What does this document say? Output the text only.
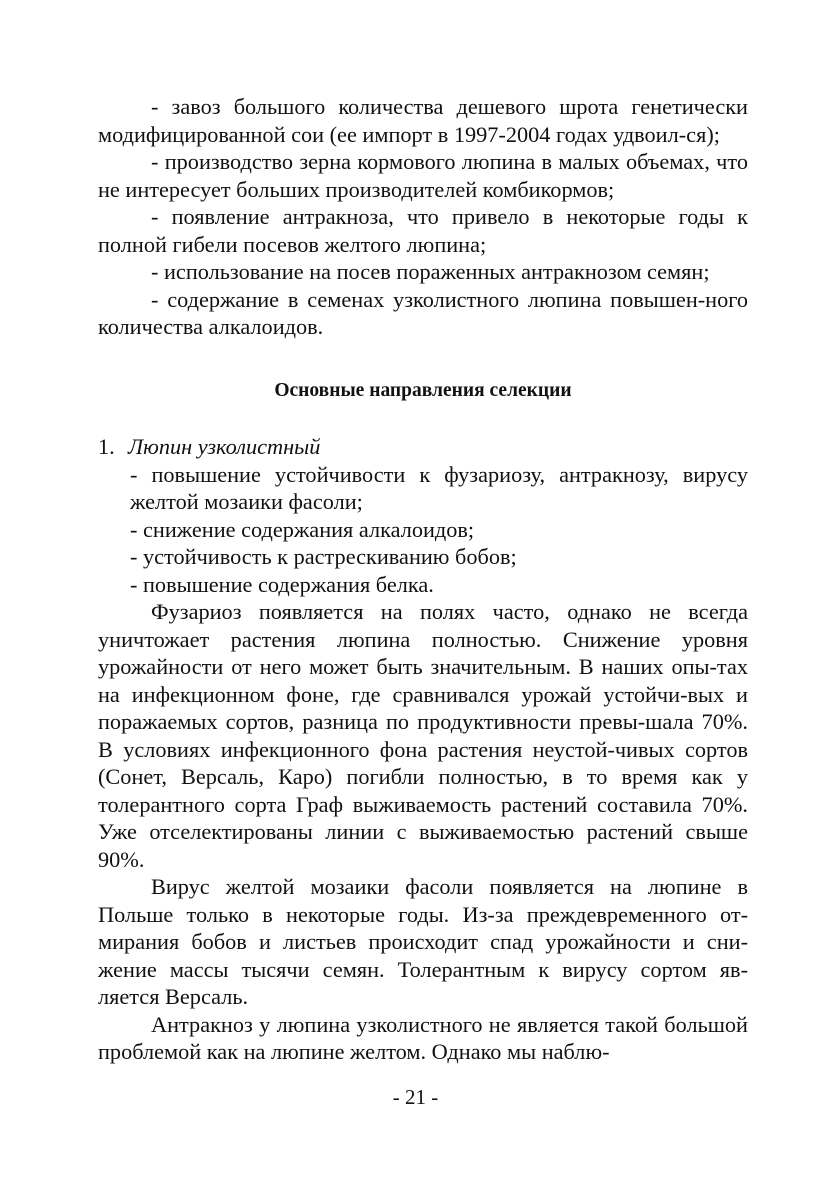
- завоз большого количества дешевого шрота генетически модифицированной сои (ее импорт в 1997-2004 годах удвоил-ся);

- производство зерна кормового люпина в малых объемах, что не интересует больших производителей комбикормов;

- появление антракноза, что привело в некоторые годы к полной гибели посевов желтого люпина;

- использование на посев пораженных антракнозом семян;

- содержание в семенах узколистного люпина повышен-ного количества алкалоидов.

Основные направления селекции
1. Люпин узколистный
- повышение устойчивости к фузариозу, антракнозу, вирусу желтой мозаики фасоли;
- снижение содержания алкалоидов;
- устойчивость к растрескиванию бобов;
- повышение содержания белка.

Фузариоз появляется на полях часто, однако не всегда уничтожает растения люпина полностью. Снижение уровня урожайности от него может быть значительным. В наших опы-тах на инфекционном фоне, где сравнивался урожай устойчи-вых и поражаемых сортов, разница по продуктивности превы-шала 70%. В условиях инфекционного фона растения неустой-чивых сортов (Сонет, Версаль, Каро) погибли полностью, в то время как у толерантного сорта Граф выживаемость растений составила 70%. Уже отселектированы линии с выживаемостью растений свыше 90%.

Вирус желтой мозаики фасоли появляется на люпине в Польше только в некоторые годы. Из-за преждевременного от-мирания бобов и листьев происходит спад урожайности и сни-жение массы тысячи семян. Толерантным к вирусу сортом яв-ляется Версаль.

Антракноз у люпина узколистного не является такой большой проблемой как на люпине желтом. Однако мы наблю-

- 21 -
